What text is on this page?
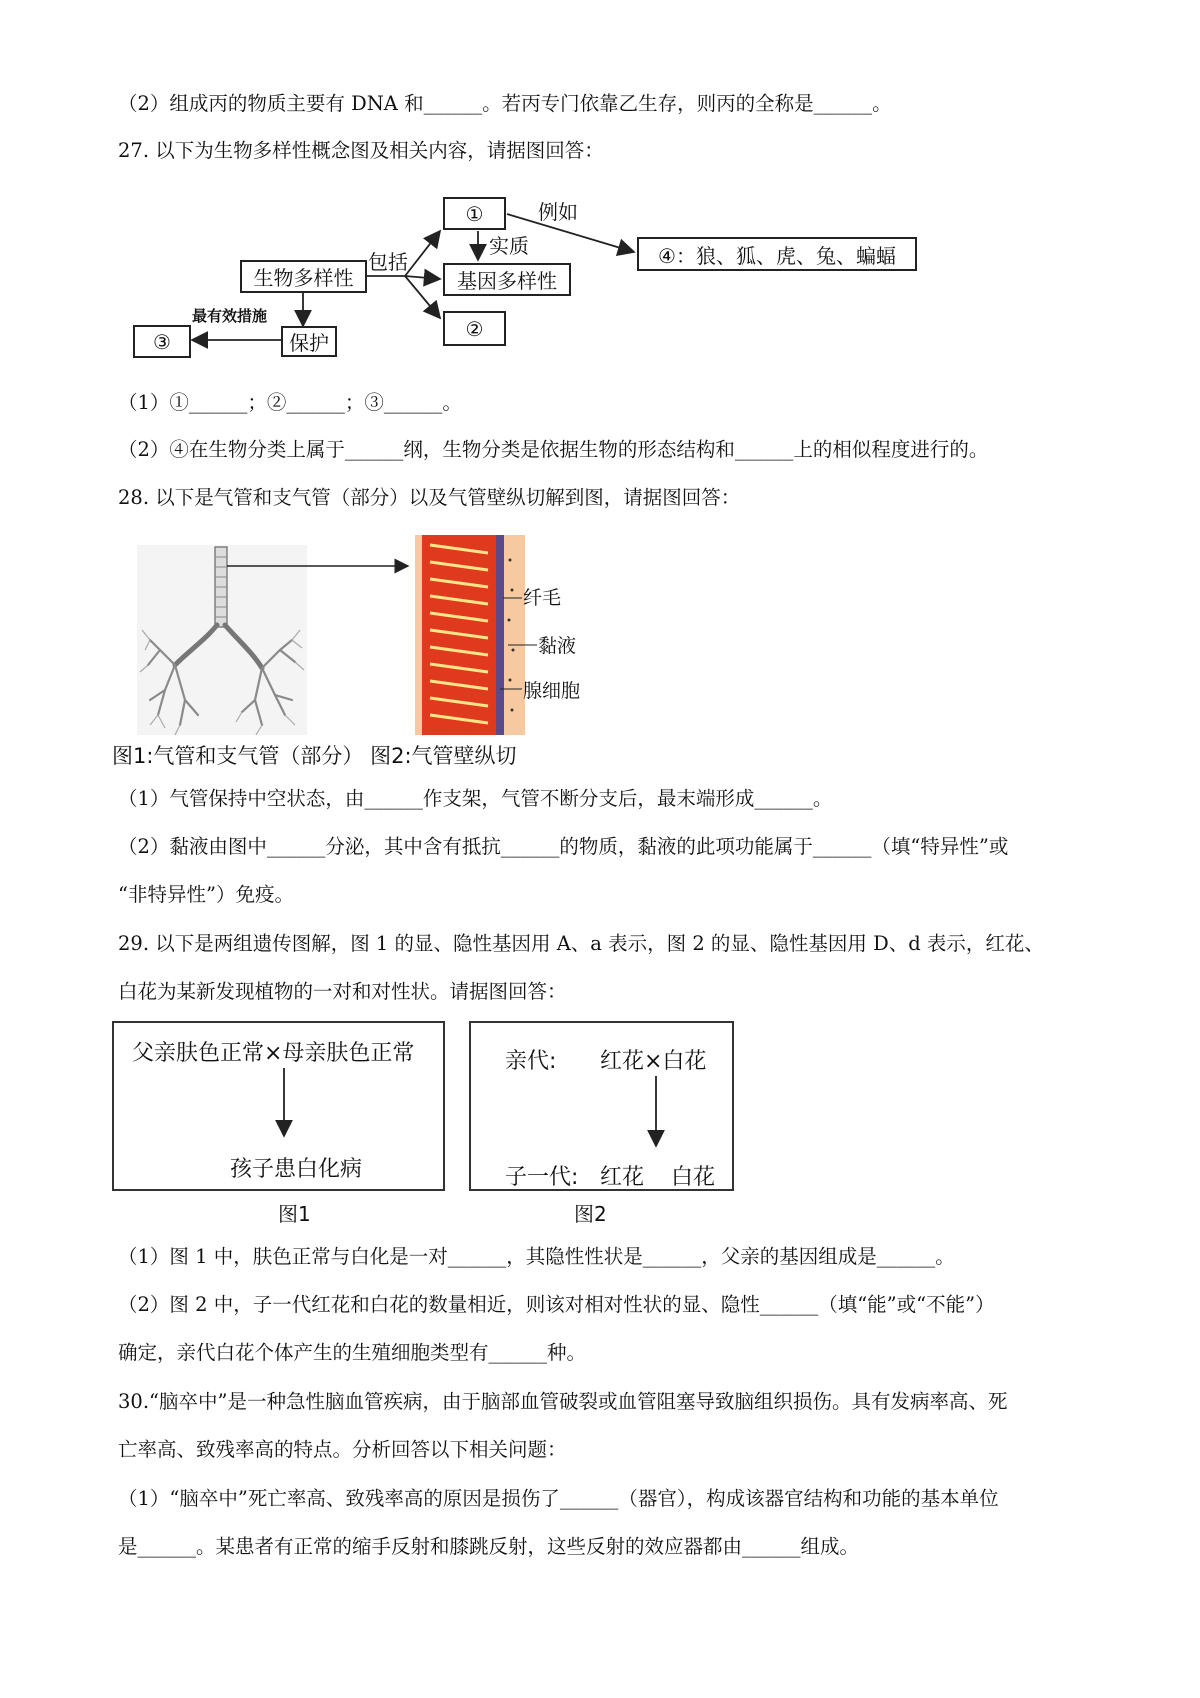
（2）组成丙的物质主要有 DNA 和______。若丙专门依靠乙生存，则丙的全称是______。
27. 以下为生物多样性概念图及相关内容，请据图回答：
①	例如
实质
基因多样性
②
④：狼、狐、虎、兔、蝙蝠
生物多样性
包括
最有效措施
保护
③
（1）①______；②______；③______。
（2）④在生物分类上属于______纲，生物分类是依据生物的形态结构和______上的相似程度进行的。
28. 以下是气管和支气管（部分）以及气管壁纵切解到图，请据图回答：
纤毛
黏液
腺细胞
图1:气管和支气管（部分） 图2:气管壁纵切
（1）气管保持中空状态，由______作支架，气管不断分支后，最末端形成______。
（2）黏液由图中______分泌，其中含有抵抗______的物质，黏液的此项功能属于______（填“特异性”或
“非特异性”）免疫。
29. 以下是两组遗传图解，图 1 的显、隐性基因用 A、a 表示，图 2 的显、隐性基因用 D、d 表示，红花、
白花为某新发现植物的一对和对性状。请据图回答：
父亲肤色正常×母亲肤色正常
孩子患白化病
图1
亲代: 红花×白花
子一代: 红花 白花
图2
（1）图 1 中，肤色正常与白化是一对______，其隐性性状是______，父亲的基因组成是______。
（2）图 2 中，子一代红花和白花的数量相近，则该对相对性状的显、隐性______（填“能”或“不能”）
确定，亲代白花个体产生的生殖细胞类型有______种。
30.“脑卒中”是一种急性脑血管疾病，由于脑部血管破裂或血管阻塞导致脑组织损伤。具有发病率高、死
亡率高、致残率高的特点。分析回答以下相关问题：
（1）“脑卒中”死亡率高、致残率高的原因是损伤了______（器官），构成该器官结构和功能的基本单位
是______。某患者有正常的缩手反射和膝跳反射，这些反射的效应器都由______组成。
